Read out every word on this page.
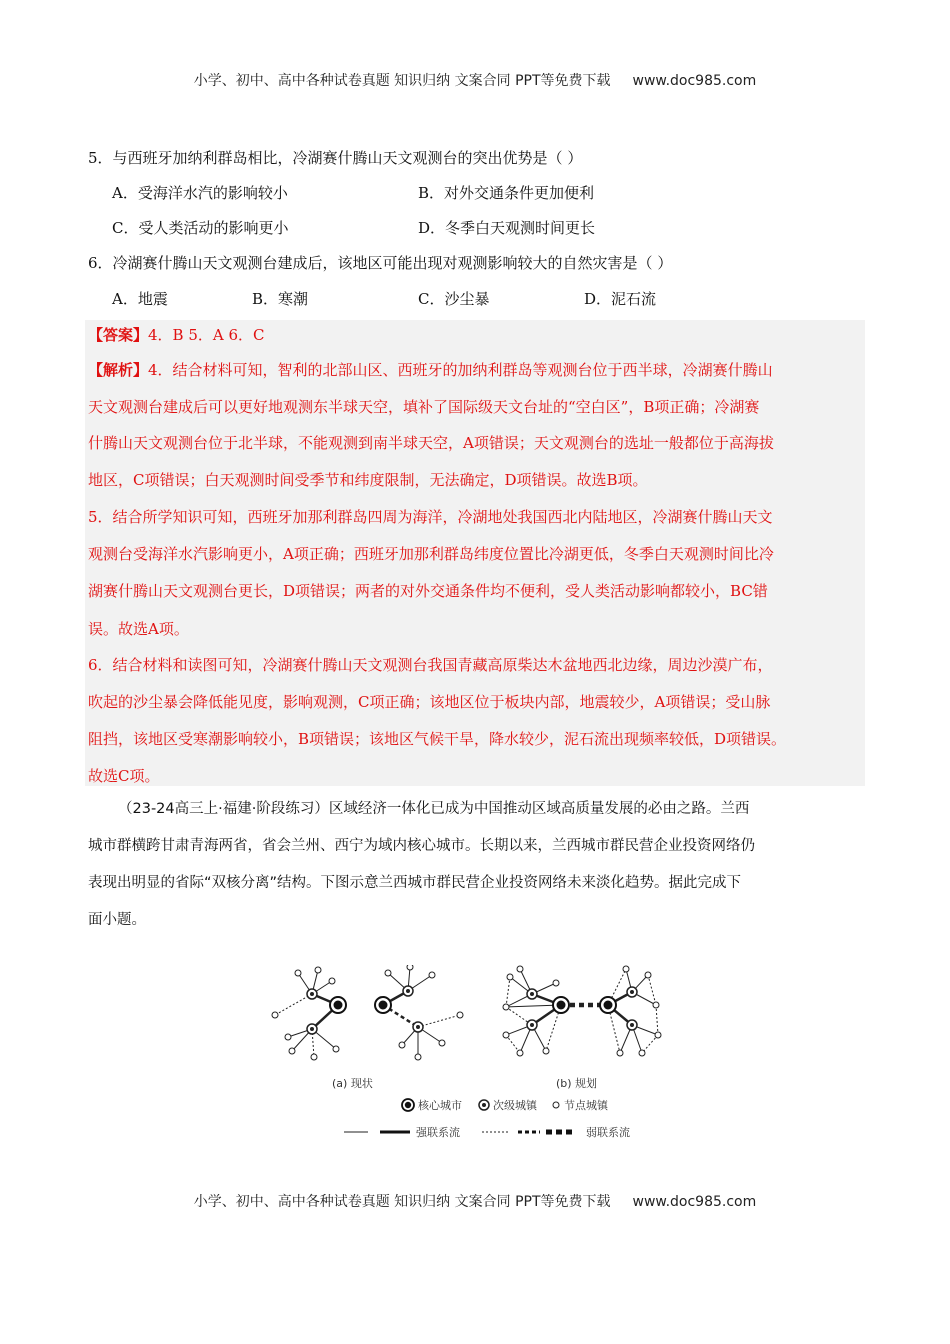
小学、初中、高中各种试卷真题 知识归纳 文案合同 PPT等免费下载 www.doc985.com
5．与西班牙加纳利群岛相比，冷湖赛什腾山天文观测台的突出优势是（ ）
A．受海洋水汽的影响较小	B．对外交通条件更加便利
C．受人类活动的影响更小	D．冬季白天观测时间更长
6．冷湖赛什腾山天文观测台建成后，该地区可能出现对观测影响较大的自然灾害是（ ）
A．地震	B．寒潮	C．沙尘暴	D．泥石流
【答案】4．B 5．A 6．C
【解析】4．结合材料可知，智利的北部山区、西班牙的加纳利群岛等观测台位于西半球，冷湖赛什腾山
天文观测台建成后可以更好地观测东半球天空，填补了国际级天文台址的“空白区”，B项正确；冷湖赛
什腾山天文观测台位于北半球，不能观测到南半球天空，A项错误；天文观测台的选址一般都位于高海拔
地区，C项错误；白天观测时间受季节和纬度限制，无法确定，D项错误。故选B项。
5．结合所学知识可知，西班牙加那利群岛四周为海洋，冷湖地处我国西北内陆地区，冷湖赛什腾山天文
观测台受海洋水汽影响更小，A项正确；西班牙加那利群岛纬度位置比冷湖更低，冬季白天观测时间比冷
湖赛什腾山天文观测台更长，D项错误；两者的对外交通条件均不便利，受人类活动影响都较小，BC错
误。故选A项。
6．结合材料和读图可知，冷湖赛什腾山天文观测台我国青藏高原柴达木盆地西北边缘，周边沙漠广布，
吹起的沙尘暴会降低能见度，影响观测，C项正确；该地区位于板块内部，地震较少，A项错误；受山脉
阻挡，该地区受寒潮影响较小，B项错误；该地区气候干旱，降水较少，泥石流出现频率较低，D项错误。
故选C项。
（23-24高三上·福建·阶段练习）区域经济一体化已成为中国推动区域高质量发展的必由之路。兰西
城市群横跨甘肃青海两省，省会兰州、西宁为域内核心城市。长期以来，兰西城市群民营企业投资网络仍
表现出明显的省际“双核分离”结构。下图示意兰西城市群民营企业投资网络未来淡化趋势。据此完成下
面小题。
(a) 现状	(b) 规划
核心城市	次级城镇 节点城镇
强联系流	弱联系流
小学、初中、高中各种试卷真题 知识归纳 文案合同 PPT等免费下载 www.doc985.com
